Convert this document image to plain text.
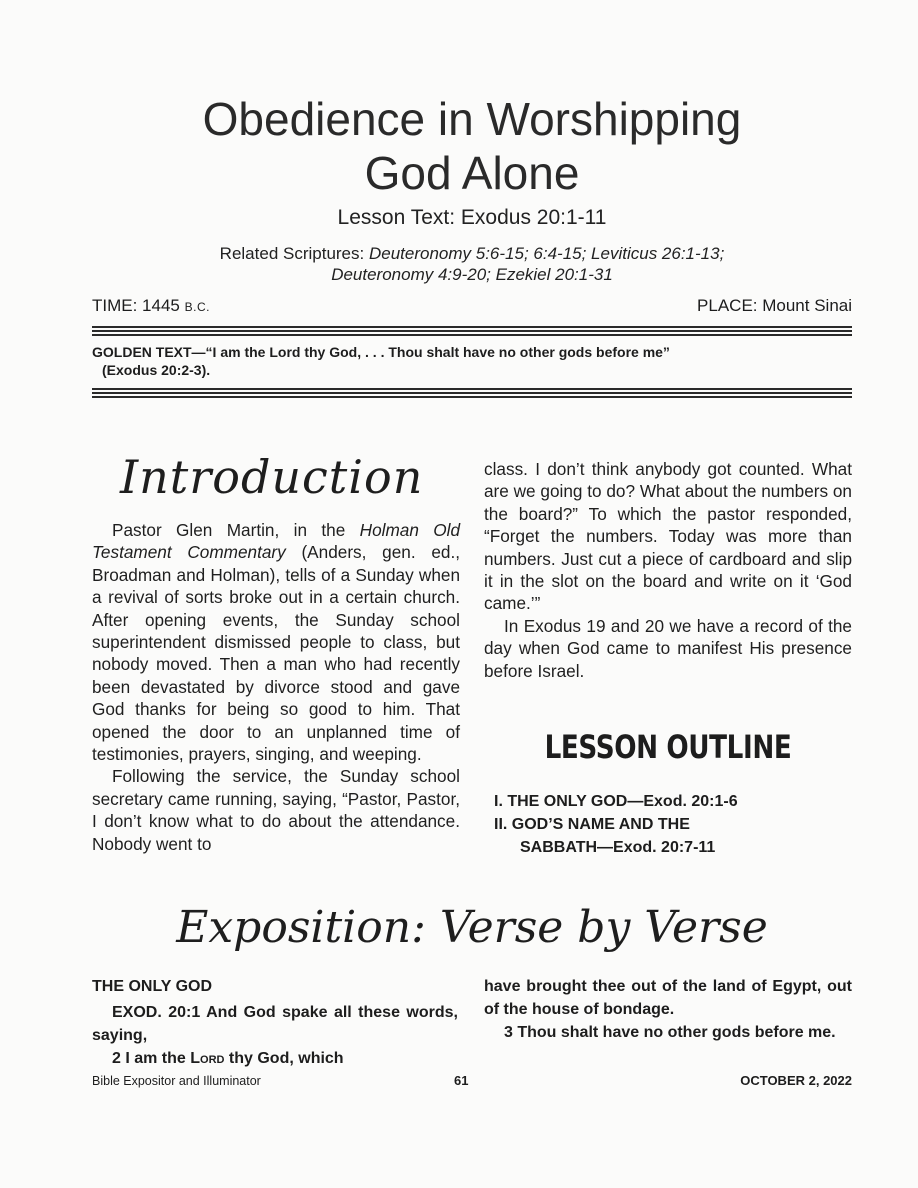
Obedience in Worshipping
God Alone
Lesson Text: Exodus 20:1-11
Related Scriptures: Deuteronomy 5:6-15; 6:4-15; Leviticus 26:1-13;
Deuteronomy 4:9-20; Ezekiel 20:1-31
TIME: 1445 B.C.	PLACE: Mount Sinai
GOLDEN TEXT—“I am the Lord thy God, . . . Thou shalt have no other gods before me”
(Exodus 20:2-3).
Introduction

Pastor Glen Martin, in the Holman Old Testament Commentary (Anders, gen. ed., Broadman and Holman), tells of a Sunday when a revival of sorts broke out in a certain church. After opening events, the Sunday school superintendent dismissed people to class, but nobody moved. Then a man who had recently been devastated by divorce stood and gave God thanks for being so good to him. That opened the door to an unplanned time of testimonies, prayers, singing, and weeping.

Following the service, the Sunday school secretary came running, saying, “Pastor, Pastor, I don’t know what to do about the attendance. Nobody went to

class. I don’t think anybody got counted. What are we going to do? What about the numbers on the board?” To which the pastor responded, “Forget the numbers. Today was more than numbers. Just cut a piece of cardboard and slip it in the slot on the board and write on it ‘God came.’”

In Exodus 19 and 20 we have a record of the day when God came to manifest His presence before Israel.

LESSON OUTLINE
I. THE ONLY GOD—Exod. 20:1-6
II. GOD’S NAME AND THE
SABBATH—Exod. 20:7-11
Exposition: Verse by Verse

THE ONLY GOD

EXOD. 20:1 And God spake all these words, saying,

2 I am the Lord thy God, which

have brought thee out of the land of Egypt, out of the house of bondage.

3 Thou shalt have no other gods before me.

Bible Expositor and Illuminator	61	OCTOBER 2, 2022
